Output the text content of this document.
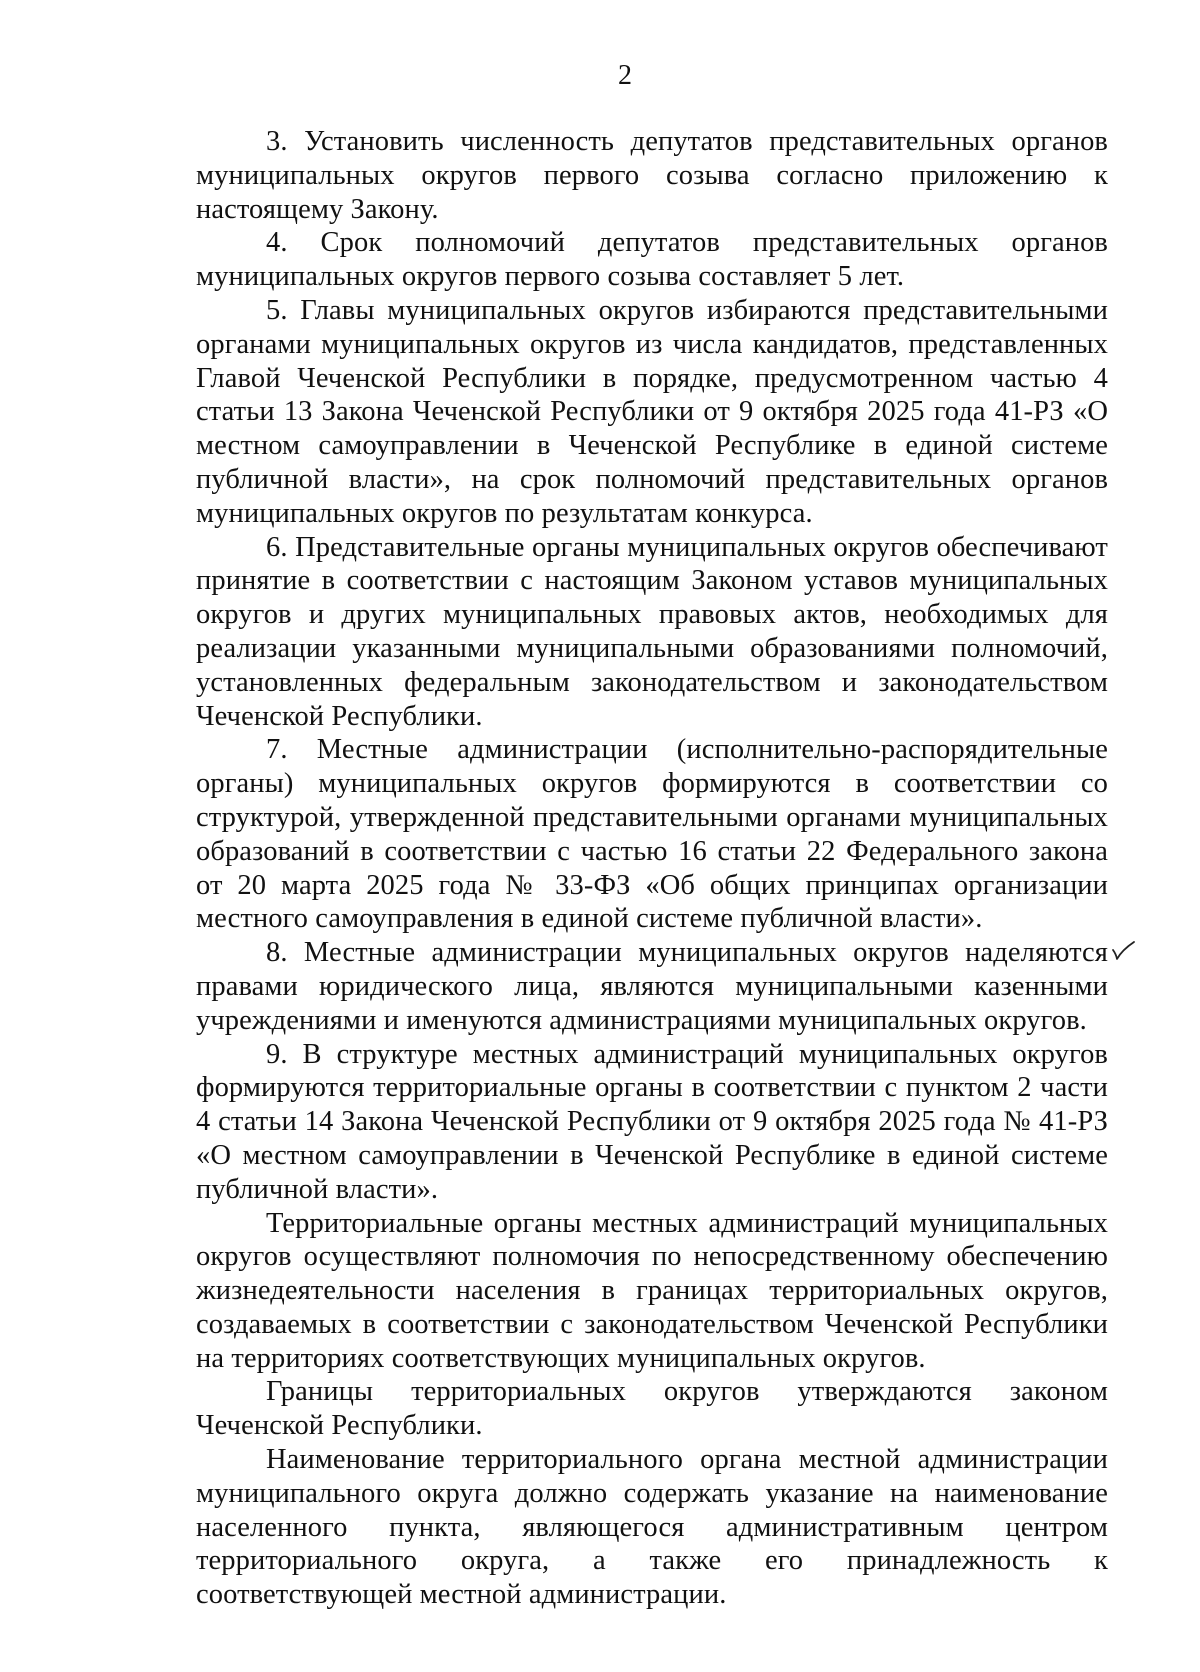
2

3. Установить численность депутатов представительных органов муниципальных округов первого созыва согласно приложению к настоящему Закону.

4. Срок полномочий депутатов представительных органов муниципальных округов первого созыва составляет 5 лет.

5. Главы муниципальных округов избираются представительными органами муниципальных округов из числа кандидатов, представленных Главой Чеченской Республики в порядке, предусмотренном частью 4 статьи 13 Закона Чеченской Республики от 9 октября 2025 года 41-РЗ «О местном самоуправлении в Чеченской Республике в единой системе публичной власти», на срок полномочий представительных органов муниципальных округов по результатам конкурса.

6. Представительные органы муниципальных округов обеспечивают принятие в соответствии с настоящим Законом уставов муниципальных округов и других муниципальных правовых актов, необходимых для реализации указанными муниципальными образованиями полномочий, установленных федеральным законодательством и законодательством Чеченской Республики.

7. Местные администрации (исполнительно-распорядительные органы) муниципальных округов формируются в соответствии со структурой, утвержденной представительными органами муниципальных образований в соответствии с частью 16 статьи 22 Федерального закона от 20 марта 2025 года № 33-ФЗ «Об общих принципах организации местного самоуправления в единой системе публичной власти».

8. Местные администрации муниципальных округов наделяются правами юридического лица, являются муниципальными казенными учреждениями и именуются администрациями муниципальных округов.

9. В структуре местных администраций муниципальных округов формируются территориальные органы в соответствии с пунктом 2 части 4 статьи 14 Закона Чеченской Республики от 9 октября 2025 года № 41-РЗ «О местном самоуправлении в Чеченской Республике в единой системе публичной власти».

Территориальные органы местных администраций муниципальных округов осуществляют полномочия по непосредственному обеспечению жизнедеятельности населения в границах территориальных округов, создаваемых в соответствии с законодательством Чеченской Республики на территориях соответствующих муниципальных округов.

Границы территориальных округов утверждаются законом Чеченской Республики.

Наименование территориального органа местной администрации муниципального округа должно содержать указание на наименование населенного пункта, являющегося административным центром территориального округа, а также его принадлежность к соответствующей местной администрации.
